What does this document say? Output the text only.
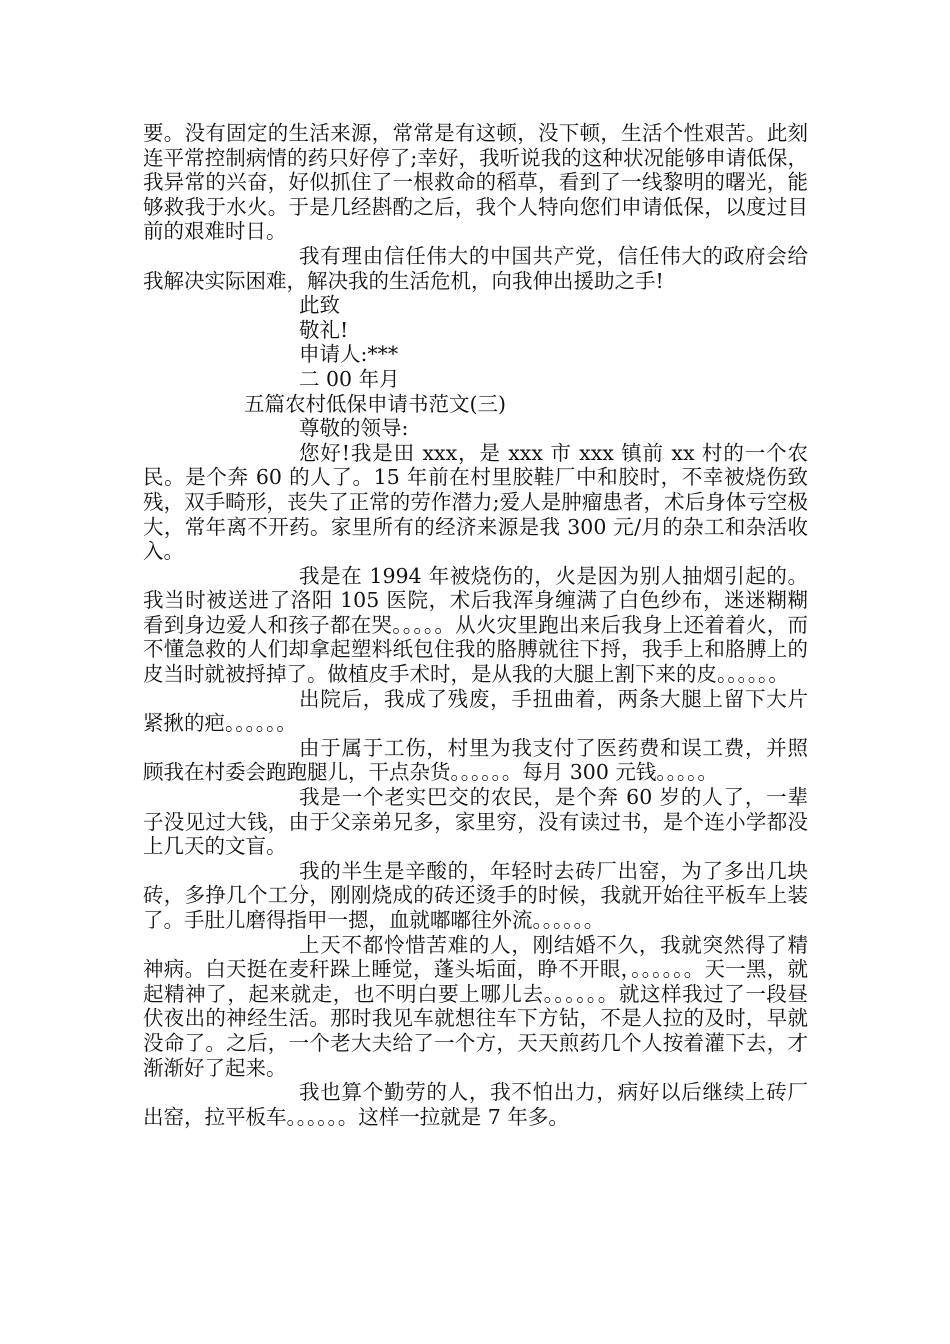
要。没有固定的生活来源，常常是有这顿，没下顿，生活个性艰苦。此刻连平常控制病情的药只好停了;幸好，我听说我的这种状况能够申请低保，我异常的兴奋，好似抓住了一根救命的稻草，看到了一线黎明的曙光，能够救我于水火。于是几经斟酌之后，我个人特向您们申请低保，以度过目前的艰难时日。

我有理由信任伟大的中国共产党，信任伟大的政府会给我解决实际困难，解决我的生活危机，向我伸出援助之手!

此致

敬礼!

申请人:***

二 00 年月

五篇农村低保申请书范文(三)

尊敬的领导:

您好!我是田 xxx，是 xxx 市 xxx 镇前 xx 村的一个农民。是个奔 60 的人了。15 年前在村里胶鞋厂中和胶时，不幸被烧伤致残，双手畸形，丧失了正常的劳作潜力;爱人是肿瘤患者，术后身体亏空极大，常年离不开药。家里所有的经济来源是我 300 元/月的杂工和杂活收入。

我是在 1994 年被烧伤的，火是因为别人抽烟引起的。我当时被送进了洛阳 105 医院，术后我浑身缠满了白色纱布，迷迷糊糊看到身边爱人和孩子都在哭。。。。。从火灾里跑出来后我身上还着着火，而不懂急救的人们却拿起塑料纸包住我的胳膊就往下捋，我手上和胳膊上的皮当时就被捋掉了。做植皮手术时，是从我的大腿上割下来的皮。。。。。。

出院后，我成了残废，手扭曲着，两条大腿上留下大片紧揪的疤。。。。。。

由于属于工伤，村里为我支付了医药费和误工费，并照顾我在村委会跑跑腿儿，干点杂货。。。。。。每月 300 元钱。。。。。

我是一个老实巴交的农民，是个奔 60 岁的人了，一辈子没见过大钱，由于父亲弟兄多，家里穷，没有读过书，是个连小学都没上几天的文盲。

我的半生是辛酸的，年轻时去砖厂出窑，为了多出几块砖，多挣几个工分，刚刚烧成的砖还烫手的时候，我就开始往平板车上装了。手肚儿磨得指甲一摁，血就嘟嘟往外流。。。。。。

上天不都怜惜苦难的人，刚结婚不久，我就突然得了精神病。白天挺在麦秆跺上睡觉，蓬头垢面，睁不开眼，。。。。。。天一黑，就起精神了，起来就走，也不明白要上哪儿去。。。。。。就这样我过了一段昼伏夜出的神经生活。那时我见车就想往车下方钻，不是人拉的及时，早就没命了。之后，一个老大夫给了一个方，天天煎药几个人按着灌下去，才渐渐好了起来。

我也算个勤劳的人，我不怕出力，病好以后继续上砖厂出窑，拉平板车。。。。。。这样一拉就是 7 年多。
